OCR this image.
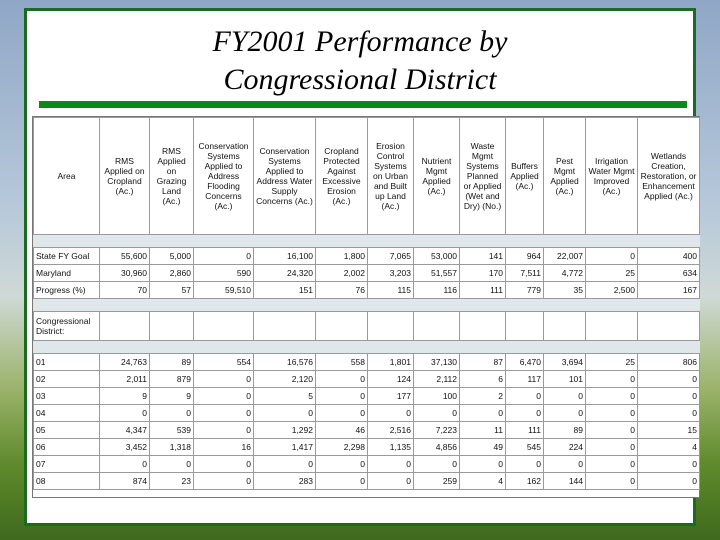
FY2001 Performance by
Congressional District
Area	RMS Applied on Cropland (Ac.)	RMS Applied on Grazing Land (Ac.)	Conservation Systems Applied to Address Flooding Concerns (Ac.)	Conservation Systems Applied to Address Water Supply Concerns (Ac.)	Cropland Protected Against Excessive Erosion (Ac.)	Erosion Control Systems on Urban and Built up Land (Ac.)	Nutrient Mgmt Applied (Ac.)	Waste Mgmt Systems Planned or Applied (Wet and Dry) (No.)	Buffers Applied (Ac.)	Pest Mgmt Applied (Ac.)	Irrigation Water Mgmt Improved (Ac.)	Wetlands Creation, Restoration, or Enhancement Applied (Ac.)

State FY Goal	55,600	5,000	0	16,100	1,800	7,065	53,000	141	964	22,007	0	400
Maryland	30,960	2,860	590	24,320	2,002	3,203	51,557	170	7,511	4,772	25	634
Progress (%)	70	57	59,510	151	76	115	116	111	779	35	2,500	167

Congressional District:												

01	24,763	89	554	16,576	558	1,801	37,130	87	6,470	3,694	25	806
02	2,011	879	0	2,120	0	124	2,112	6	117	101	0	0
03	9	9	0	5	0	177	100	2	0	0	0	0
04	0	0	0	0	0	0	0	0	0	0	0	0
05	4,347	539	0	1,292	46	2,516	7,223	11	111	89	0	15
06	3,452	1,318	16	1,417	2,298	1,135	4,856	49	545	224	0	4
07	0	0	0	0	0	0	0	0	0	0	0	0
08	874	23	0	283	0	0	259	4	162	144	0	0
